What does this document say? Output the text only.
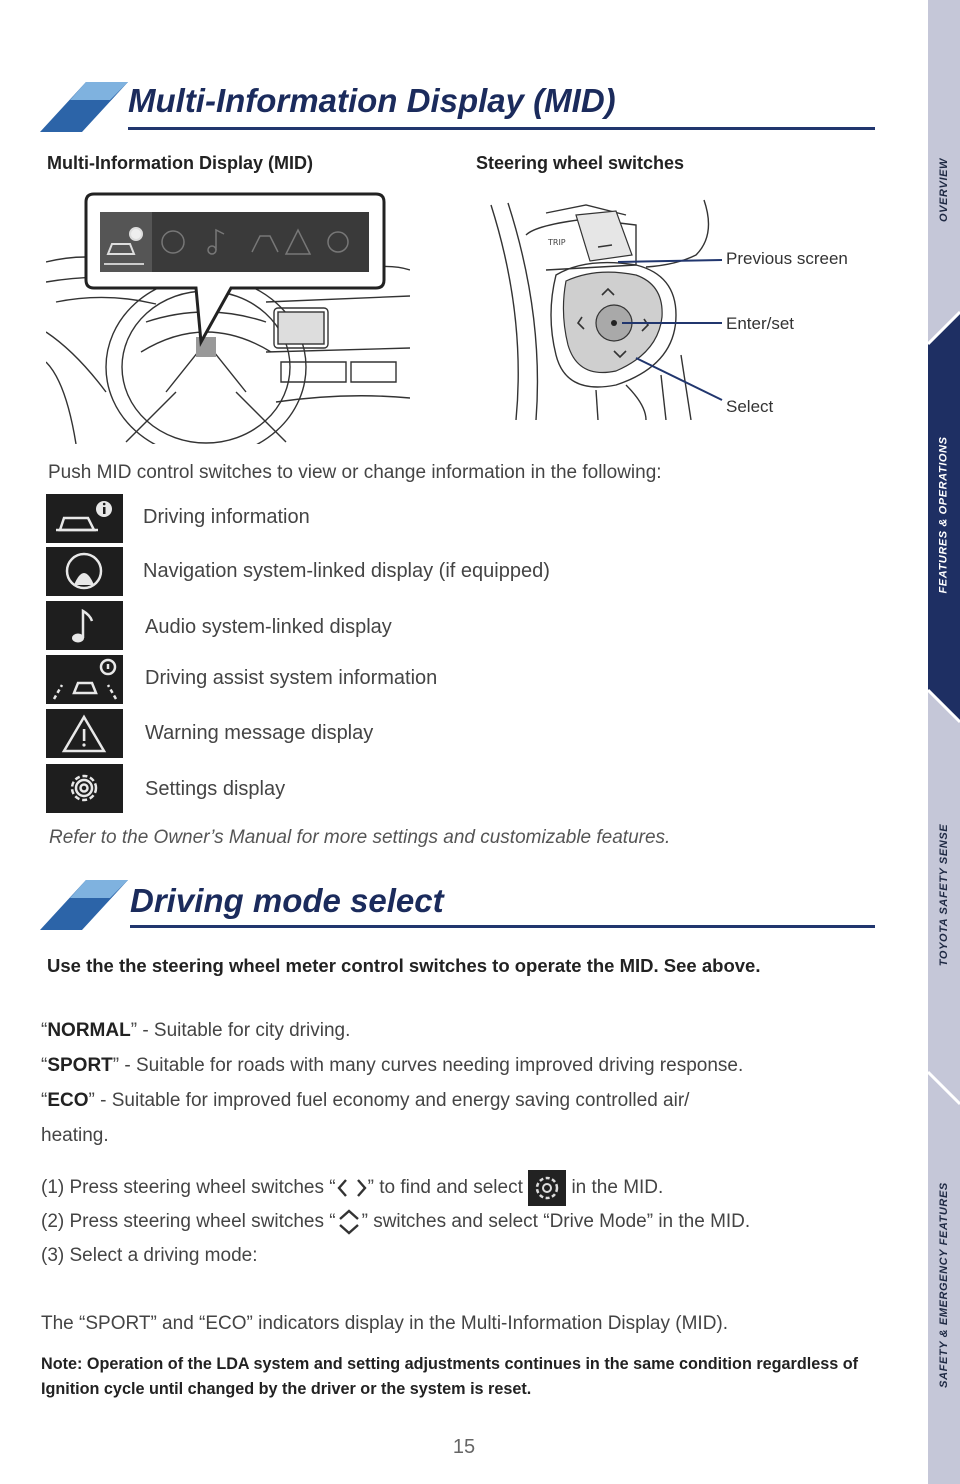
OVERVIEW
FEATURES & OPERATIONS
TOYOTA SAFETY SENSE
SAFETY & EMERGENCY FEATURES
Multi-Information Display (MID)
Multi-Information Display (MID)	Steering wheel switches
TRIP
Previous screen
Enter/set
Select
Push MID control switches to view or change information in the following:
Driving information
Navigation system-linked display (if equipped)
Audio system-linked display
Driving assist system information
Warning message display
Settings display
Refer to the Owner’s Manual for more settings and customizable features.
Driving mode select
Use the the steering wheel meter control switches to operate the MID. See above.
“NORMAL” - Suitable for city driving.
“SPORT” - Suitable for roads with many curves needing improved driving response.
“ECO” - Suitable for improved fuel economy and energy saving controlled air/
heating.
(1) Press steering wheel switches “ ” to find and select	in the MID.
(2) Press steering wheel switches “ ” switches and select “Drive Mode” in the MID.
(3) Select a driving mode:
The “SPORT” and “ECO” indicators display in the Multi-Information Display (MID).
Note: Operation of the LDA system and setting adjustments continues in the same condition regardless of Ignition cycle until changed by the driver or the system is reset.
15
